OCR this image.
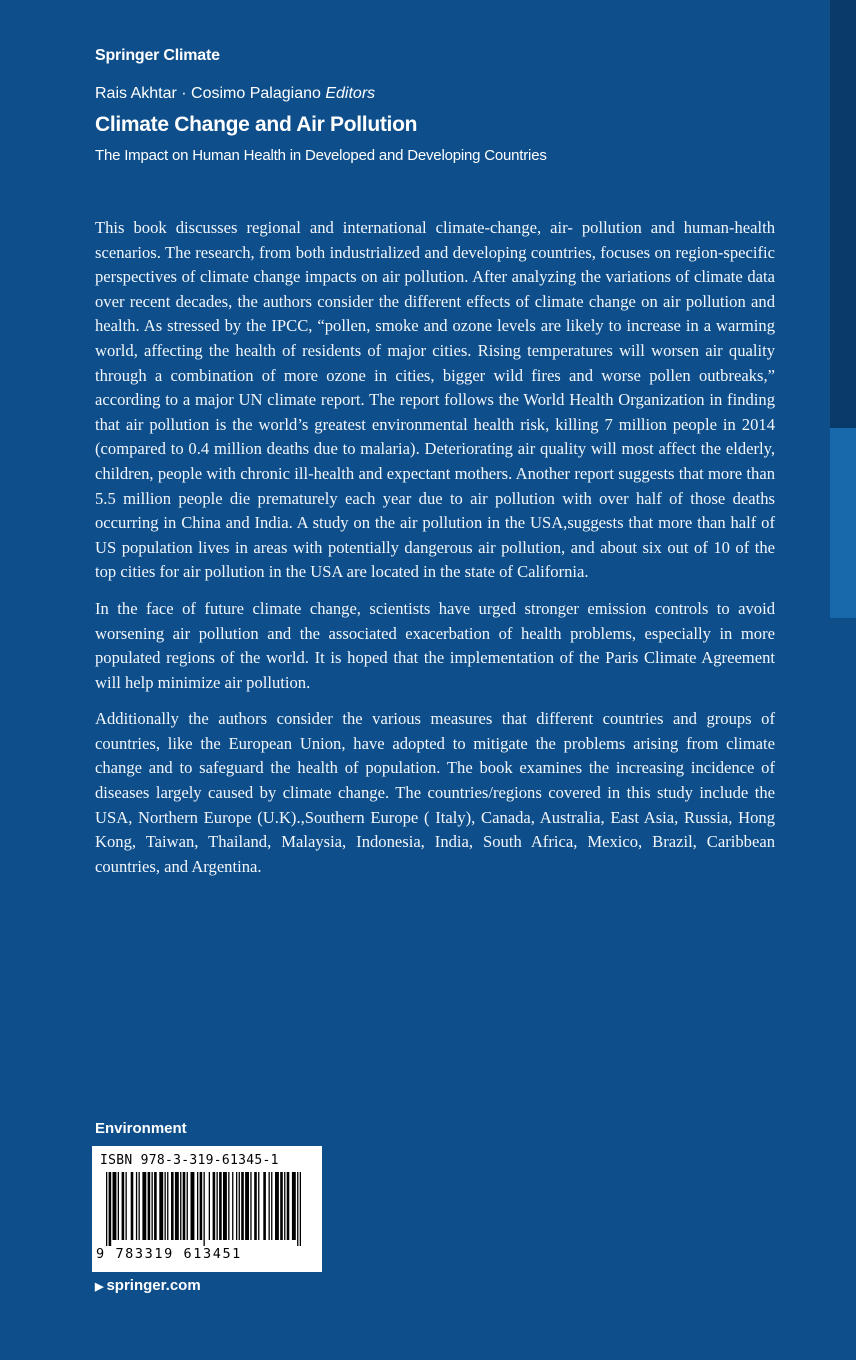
Springer Climate
Rais Akhtar · Cosimo Palagiano Editors
Climate Change and Air Pollution
The Impact on Human Health in Developed and Developing Countries

This book discusses regional and international climate-change, air- pollution and human-health scenarios. The research, from both industrialized and developing countries, focuses on region-specific perspectives of climate change impacts on air pollution. After analyzing the variations of climate data over recent decades, the authors consider the different effects of climate change on air pollution and health. As stressed by the IPCC, “pollen, smoke and ozone levels are likely to increase in a warming world, affecting the health of residents of major cities. Rising temperatures will worsen air quality through a combination of more ozone in cities, bigger wild fires and worse pollen outbreaks,” according to a major UN climate report. The report follows the World Health Organization in finding that air pollution is the world’s greatest environmental health risk, killing 7 million people in 2014 (compared to 0.4 million deaths due to malaria). Deteriorating air quality will most affect the elderly, children, people with chronic ill-health and expectant mothers. Another report suggests that more than 5.5 million people die prematurely each year due to air pollution with over half of those deaths occurring in China and India. A study on the air pollution in the USA,suggests that more than half of US population lives in areas with potentially dangerous air pollution, and about six out of 10 of the top cities for air pollution in the USA are located in the state of California.

In the face of future climate change, scientists have urged stronger emission controls to avoid worsening air pollution and the associated exacerbation of health problems, especially in more populated regions of the world. It is hoped that the implementation of the Paris Climate Agreement will help minimize air pollution.

Additionally the authors consider the various measures that different countries and groups of countries, like the European Union, have adopted to mitigate the problems arising from climate change and to safeguard the health of population. The book examines the increasing incidence of diseases largely caused by climate change. The countries/regions covered in this study include the USA, Northern Europe (U.K).,Southern Europe ( Italy), Canada, Australia, East Asia, Russia, Hong Kong, Taiwan, Thailand, Malaysia, Indonesia, India, South Africa, Mexico, Brazil, Caribbean countries, and Argentina.

Environment
ISBN 978-3-319-61345-1
9 783319 613451
▶ springer.com
